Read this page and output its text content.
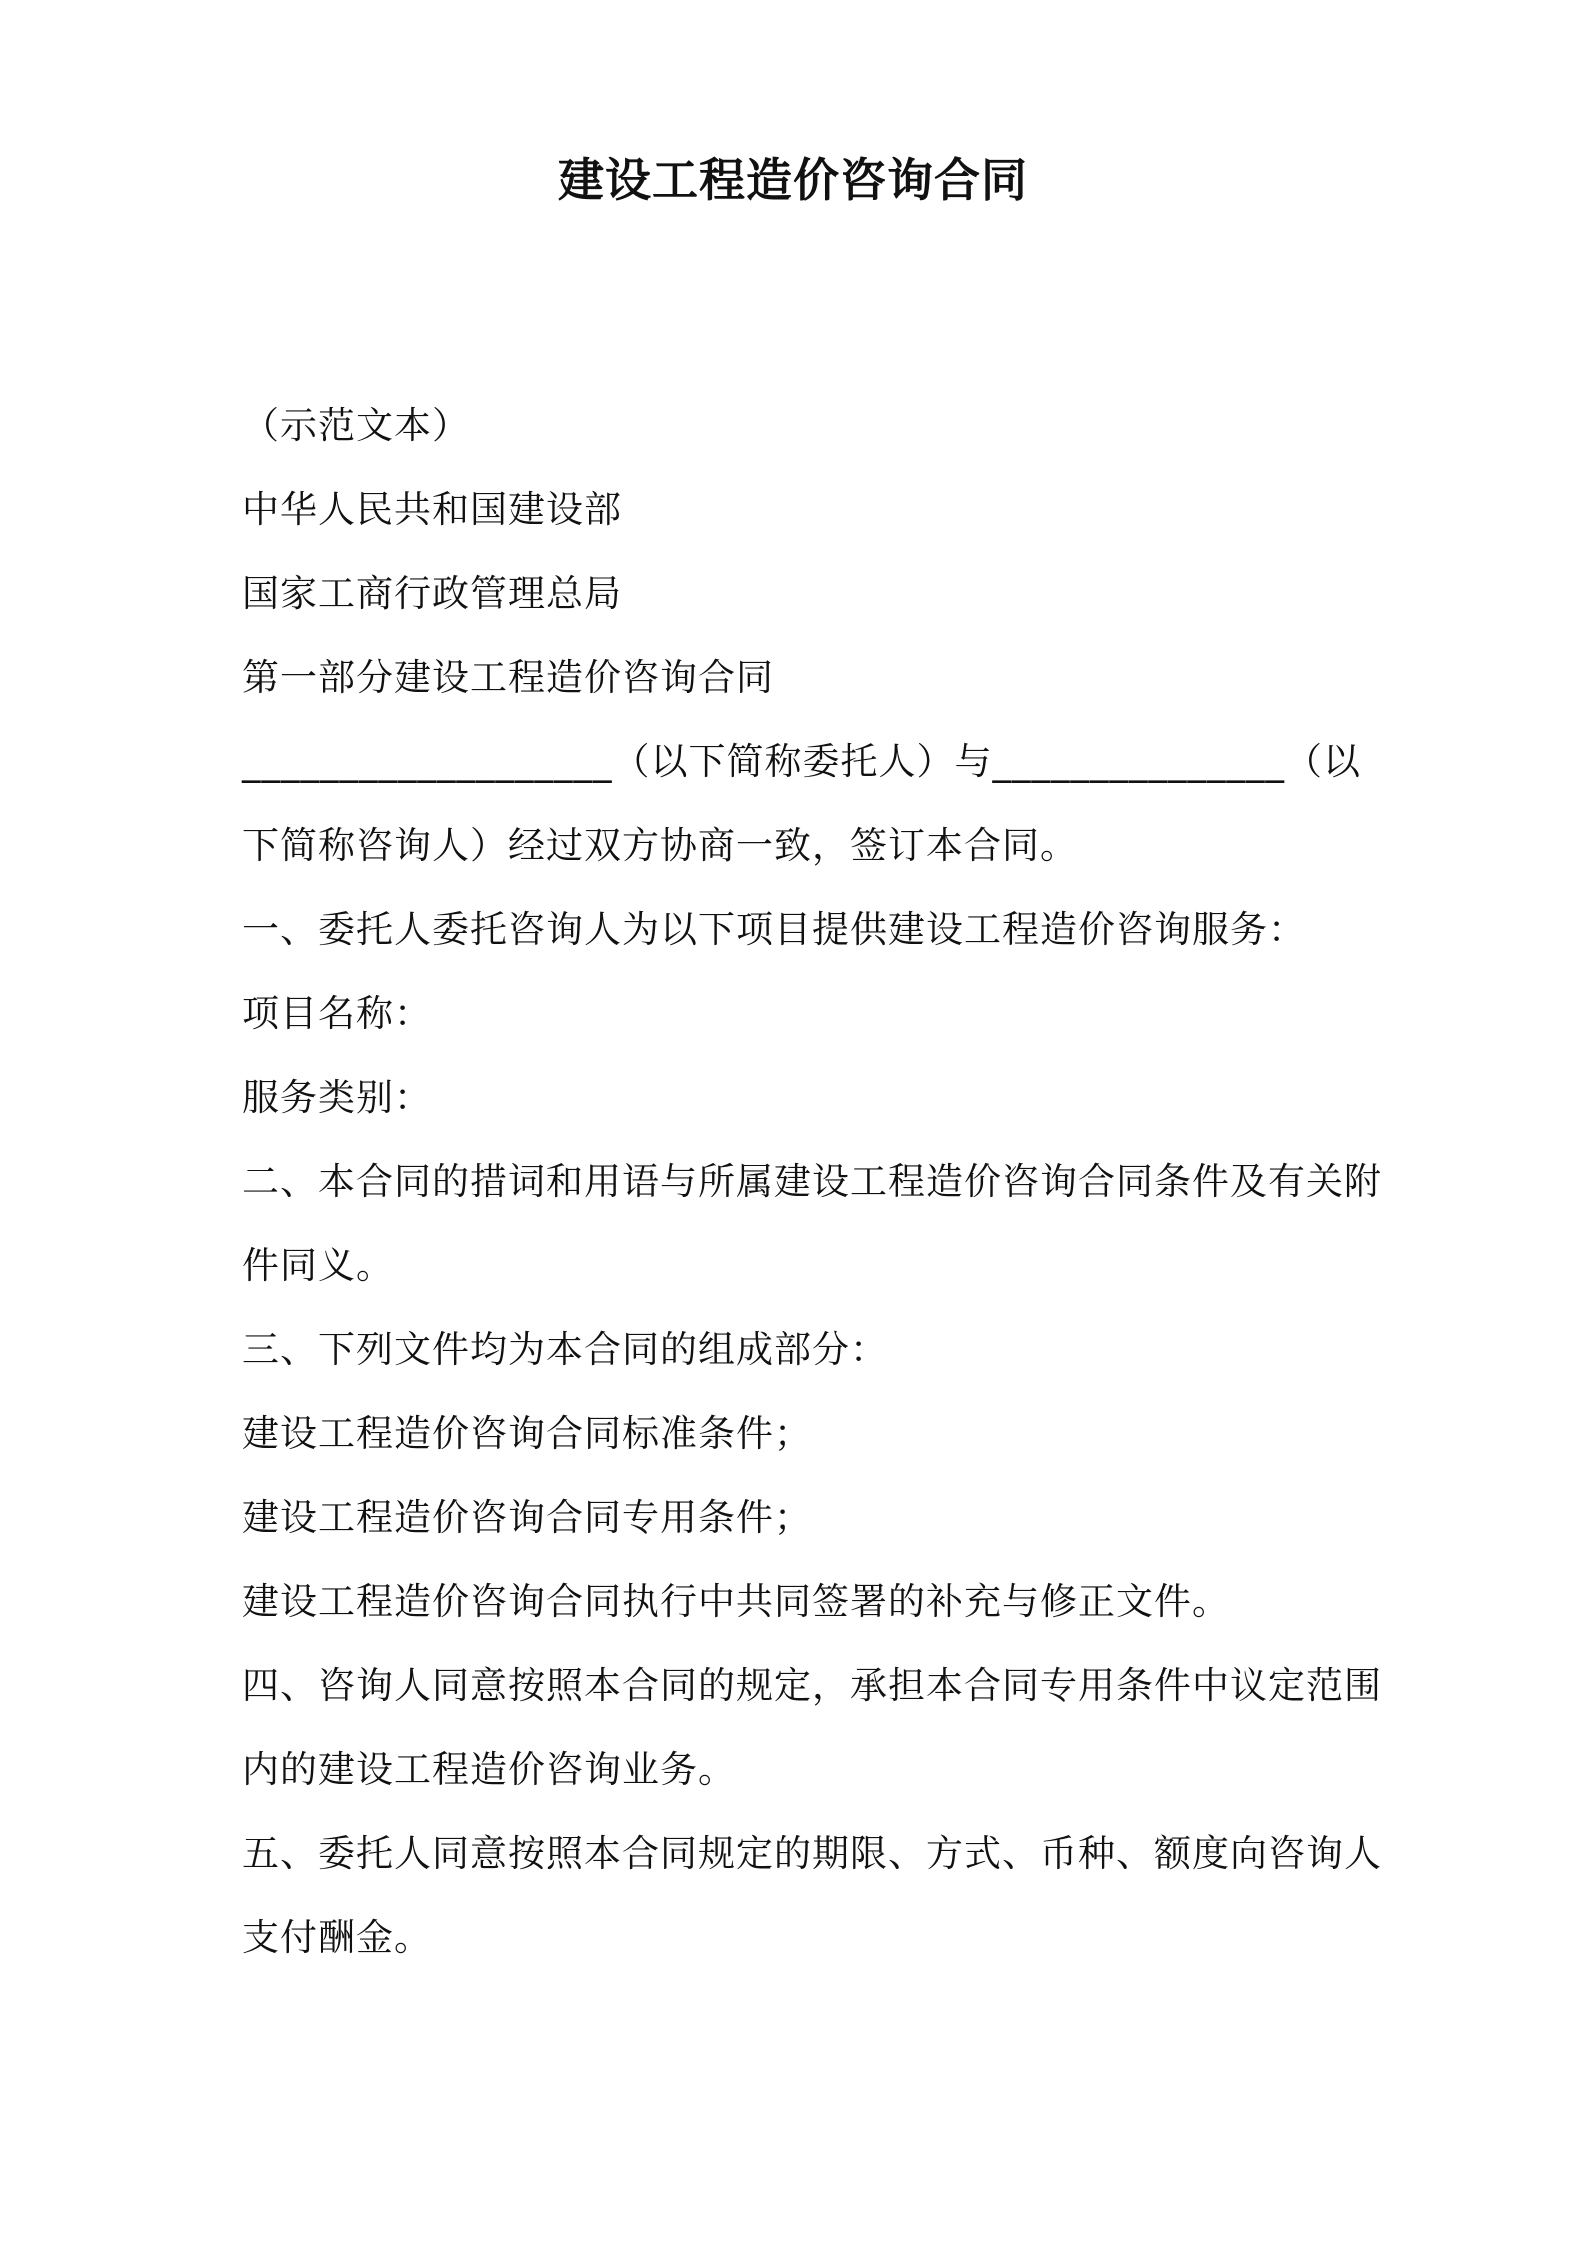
建设工程造价咨询合同
（示范文本）
中华人民共和国建设部
国家工商行政管理总局
第一部分建设工程造价咨询合同
___________________（以下简称委托人）与_______________（以
下简称咨询人）经过双方协商一致，签订本合同。
一、委托人委托咨询人为以下项目提供建设工程造价咨询服务：
项目名称：
服务类别：
二、本合同的措词和用语与所属建设工程造价咨询合同条件及有关附
件同义。
三、下列文件均为本合同的组成部分：
建设工程造价咨询合同标准条件；
建设工程造价咨询合同专用条件；
建设工程造价咨询合同执行中共同签署的补充与修正文件。
四、咨询人同意按照本合同的规定，承担本合同专用条件中议定范围
内的建设工程造价咨询业务。
五、委托人同意按照本合同规定的期限、方式、币种、额度向咨询人
支付酬金。
